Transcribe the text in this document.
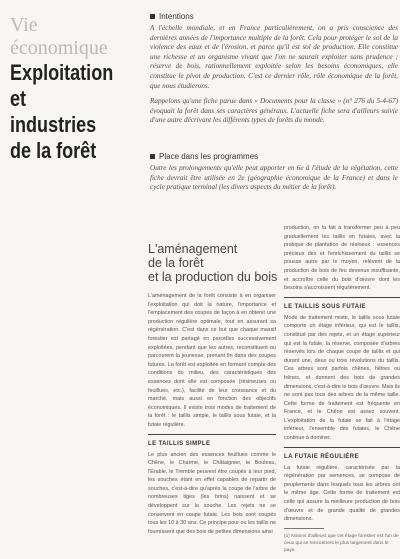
Vie

économique

Exploitation

et

industries

de la forêt

Intentions

A l'échelle mondiale, et en France particulièrement, on a pris conscience des dernières années de l'importance multiple de la forêt. Cela pour protéger le sol de la violence des eaux et de l'érosion, et parce qu'il est sol de production. Elle constitue une richesse et un organisme vivant que l'on ne saurait exploiter sans prudence ; réserve de bois, rationnellement exploitée selon les besoins économiques, elle constitue le pivot de production. C'est ce dernier rôle, rôle économique de la forêt, que nous étudierons.

Rappelons qu'une fiche parue dans « Documents pour la classe » (n° 276 du 5-4-67) évoquait la forêt dans ses caractères généraux. L'actuelle fiche sera d'ailleurs suivie d'une autre décrivant les différents types de forêts du monde.

Place dans les programmes

Outre les prolongements qu'elle peut apporter en 6e à l'étude de la végétation, cette fiche devrait être utilisée en 2e (géographie économique de la France) et dans le cycle pratique terminal (les divers aspects du métier de la forêt).

L'aménagement
de la forêt
et la production du bois

L'aménagement de la forêt consiste à en organiser l'exploitation qui doit la nature, l'importance et l'emplacement des coupes de façon à en obtenir une production régulière optimale, tout en assurant sa régénération. C'est dans ce but que chaque massif forestier est partagé en parcelles successivement exploitées, pendant que les autres, reconstituent ou parcourent la jeunesse, prenant fin dans des coupes futures. La forêt est exploitée en formant compte des conditions du milieu, des caractéristiques des essences dont elle est composée (résineuses ou feuillues, etc.), facilité de leur croissance et du marché, mais aussi en fonction des objectifs économiques. Il existe trois modes de traitement de la forêt : le taillis simple, le taillis sous futaie, et la futaie régulière.

LE TAILLIS SIMPLE

Le plus ancien des essences feuillues comme le Chêne, le Charme, le Châtaignier, le Bouleau, l'Érable, le Tremble peuvent être coupés à leur pied, les souches étant en effet capables de repartir de souches, c'est-à-dire qu'après la coupe de l'arbre de nombreuses tiges (les brins) naissent et se développent sur la souche. Les rejets ne se conservent en coupe futaie. Les bois sont coupés tous les 10 à 30 ans. Ce principe pour ou les taillis ne fournissent que des bois de petites dimensions ainsi

production, on la fait à transformer peu à peu graduellement les taillis en futaies, avec la pratique de plantation de résineux : essences précieux des et l'enrichissement du taillis se pousse autre par le moyen, relèvent de la production de bois de feu devenue insuffisante, et accroître celle du bois d'œuvre dont les besoins s'accroissent régulièrement.

LE TAILLIS SOUS FUTAIE

Mode de traitement mixte, le taillis sous futaie comporte un étage inférieur, qui est le taillis, constitué par des rejets, et un étage supérieur qui est la futaie, la réserve, composée d'arbres réservés lors de chaque coupe de taillis et qui durant une, deux ou trois révolutions du taillis. Ces arbres sont parfois chênes, hêtres ou frênes, et donnent des bois de grandes dimensions, c'est-à-dire le bois d'œuvre. Mais ils ne sont pas tous des arbres de la même taille. Cette forme de traitement est fréquente en France, et le Chêne est assez souvent. L'exploitation de la futaie se fait à l'étage inférieur, l'ensemble des futaies, le Chêne continue à dominer.

LA FUTAIE RÉGULIÈRE

La futaie régulière, caractérisée par la régénération par semences, se compose de peuplements dans lesquels tous les arbres ont le même âge. Cette forme de traitement est celle qui assure la meilleure production de bois d'œuvre et de grande qualité de grandes dimensions.

(1) Notons d'ailleurs que cet étage forestier est l'un de ceux qui se rencontrent le plus largement dans le pays.
